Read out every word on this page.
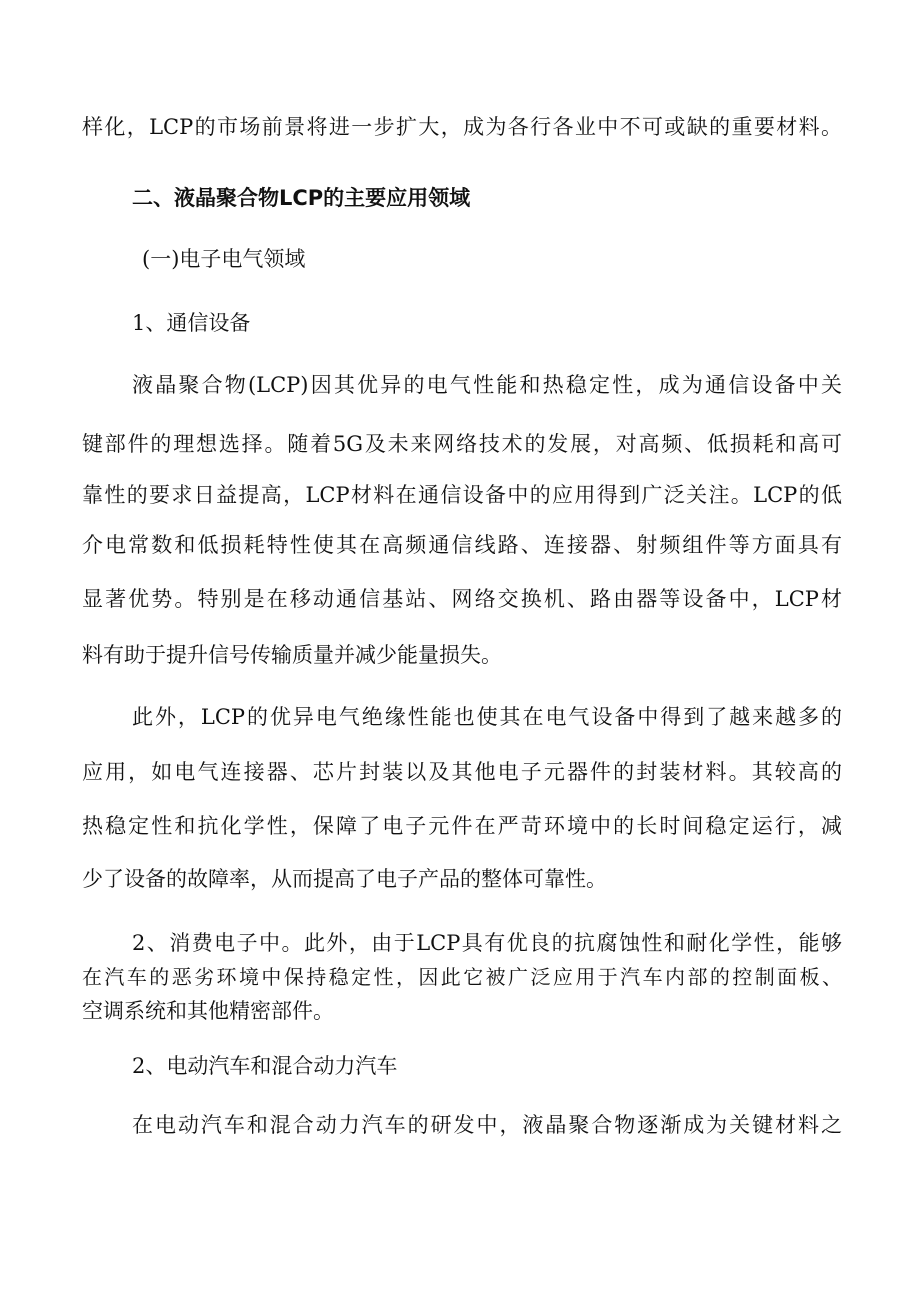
样化，LCP的市场前景将进一步扩大，成为各行各业中不可或缺的重要材料。
二、液晶聚合物LCP的主要应用领域
(一)电子电气领域
1、通信设备
液晶聚合物(LCP)因其优异的电气性能和热稳定性，成为通信设备中关
键部件的理想选择。随着5G及未来网络技术的发展，对高频、低损耗和高可
靠性的要求日益提高，LCP材料在通信设备中的应用得到广泛关注。LCP的低
介电常数和低损耗特性使其在高频通信线路、连接器、射频组件等方面具有
显著优势。特别是在移动通信基站、网络交换机、路由器等设备中，LCP材
料有助于提升信号传输质量并减少能量损失。
此外，LCP的优异电气绝缘性能也使其在电气设备中得到了越来越多的
应用，如电气连接器、芯片封装以及其他电子元器件的封装材料。其较高的
热稳定性和抗化学性，保障了电子元件在严苛环境中的长时间稳定运行，减
少了设备的故障率，从而提高了电子产品的整体可靠性。
2、消费电子中。此外，由于LCP具有优良的抗腐蚀性和耐化学性，能够
在汽车的恶劣环境中保持稳定性，因此它被广泛应用于汽车内部的控制面板、
空调系统和其他精密部件。
2、电动汽车和混合动力汽车
在电动汽车和混合动力汽车的研发中，液晶聚合物逐渐成为关键材料之
